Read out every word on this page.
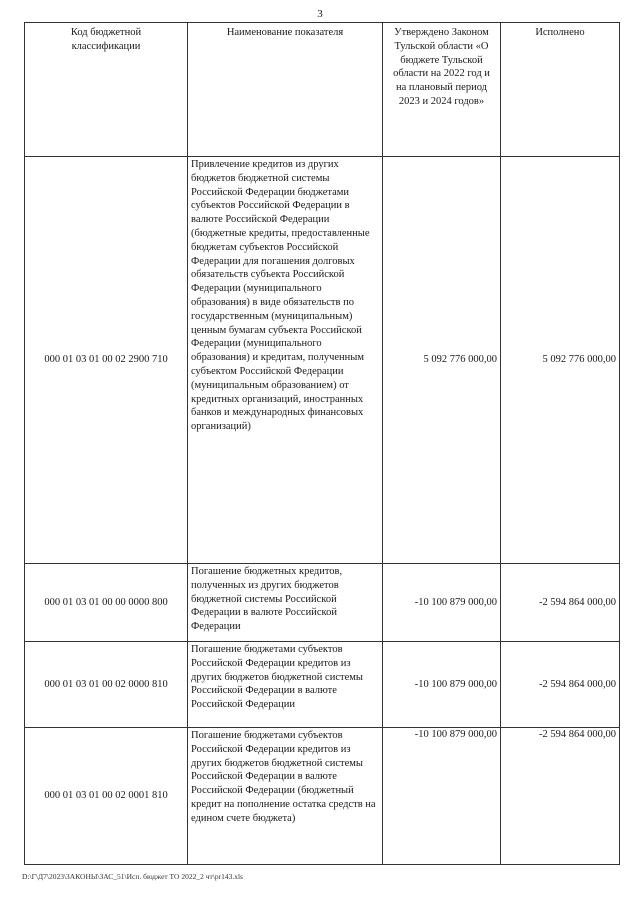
3
Код бюджетной классификации	Наименование показателя	Утверждено Законом Тульской области «О бюджете Тульской области на 2022 год и на плановый период 2023 и 2024 годов»	Исполнено
000 01 03 01 00 02 2900 710	Привлечение кредитов из других бюджетов бюджетной системы Российской Федерации бюджетами субъектов Российской Федерации в валюте Российской Федерации (бюджетные кредиты, предоставленные бюджетам субъектов Российской Федерации для погашения долговых обязательств субъекта Российской Федерации (муниципального образования) в виде обязательств по государственным (муниципальным) ценным бумагам субъекта Российской Федерации (муниципального образования) и кредитам, полученным субъектом Российской Федерации (муниципальным образованием) от кредитных организаций, иностранных банков и международных финансовых организаций)	5 092 776 000,00	5 092 776 000,00
000 01 03 01 00 00 0000 800	Погашение бюджетных кредитов, полученных из других бюджетов бюджетной системы Российской Федерации в валюте Российской Федерации	-10 100 879 000,00	-2 594 864 000,00
000 01 03 01 00 02 0000 810	Погашение бюджетами субъектов Российской Федерации кредитов из других бюджетов бюджетной системы Российской Федерации в валюте Российской Федерации	-10 100 879 000,00	-2 594 864 000,00
000 01 03 01 00 02 0001 810	Погашение бюджетами субъектов Российской Федерации кредитов из других бюджетов бюджетной системы Российской Федерации в валюте Российской Федерации (бюджетный кредит на пополнение остатка средств на едином счете бюджета)	-10 100 879 000,00	-2 594 864 000,00
D:\Г\Д7\2023\ЗАКОНЫ\ЗАС_51\Исп. бюджет ТО 2022_2 чт\pr143.xls
